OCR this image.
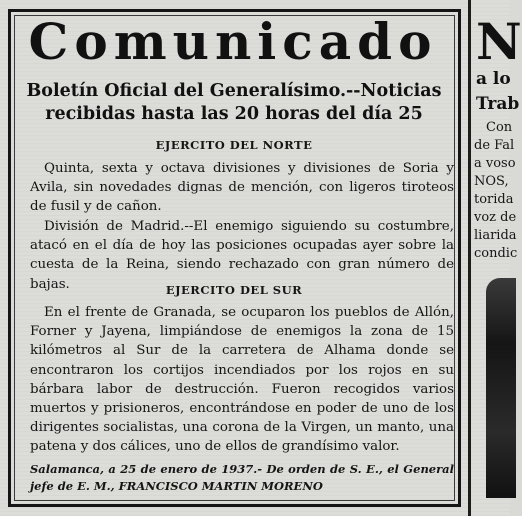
Comunicado
Boletín Oficial del Generalísimo.--Noticias
recibidas hasta las 20 horas del día 25
EJERCITO DEL NORTE
Quinta, sexta y octava divisiones y divisiones de Soria y Avila, sin novedades dignas de mención, con ligeros tiroteos de fusil y de cañon.
División de Madrid.--El enemigo siguiendo su costumbre, atacó en el día de hoy las posiciones ocupadas ayer sobre la cuesta de la Reina, siendo rechazado con gran número de bajas.	EJERCITO DEL SUR
En el frente de Granada, se ocuparon los pueblos de Allón, Forner y Jayena, limpiándose de enemigos la zona de 15 kilómetros al Sur de la carretera de Alhama donde se encontraron los cortijos incendiados por los rojos en su bárbara labor de destrucción. Fueron recogidos varios muertos y prisioneros, encontrándose en poder de uno de los dirigentes socialistas, una corona de la Virgen, un manto, una patena y dos cálices, uno de ellos de grandísimo valor.
Salamanca, a 25 de enero de 1937.- De orden de S. E., el General jefe de E. M., FRANCISCO MARTIN MORENO
N
a lo
Trab
Con
de Fal
a voso
NOS,
torida
voz de
liarida
condic
